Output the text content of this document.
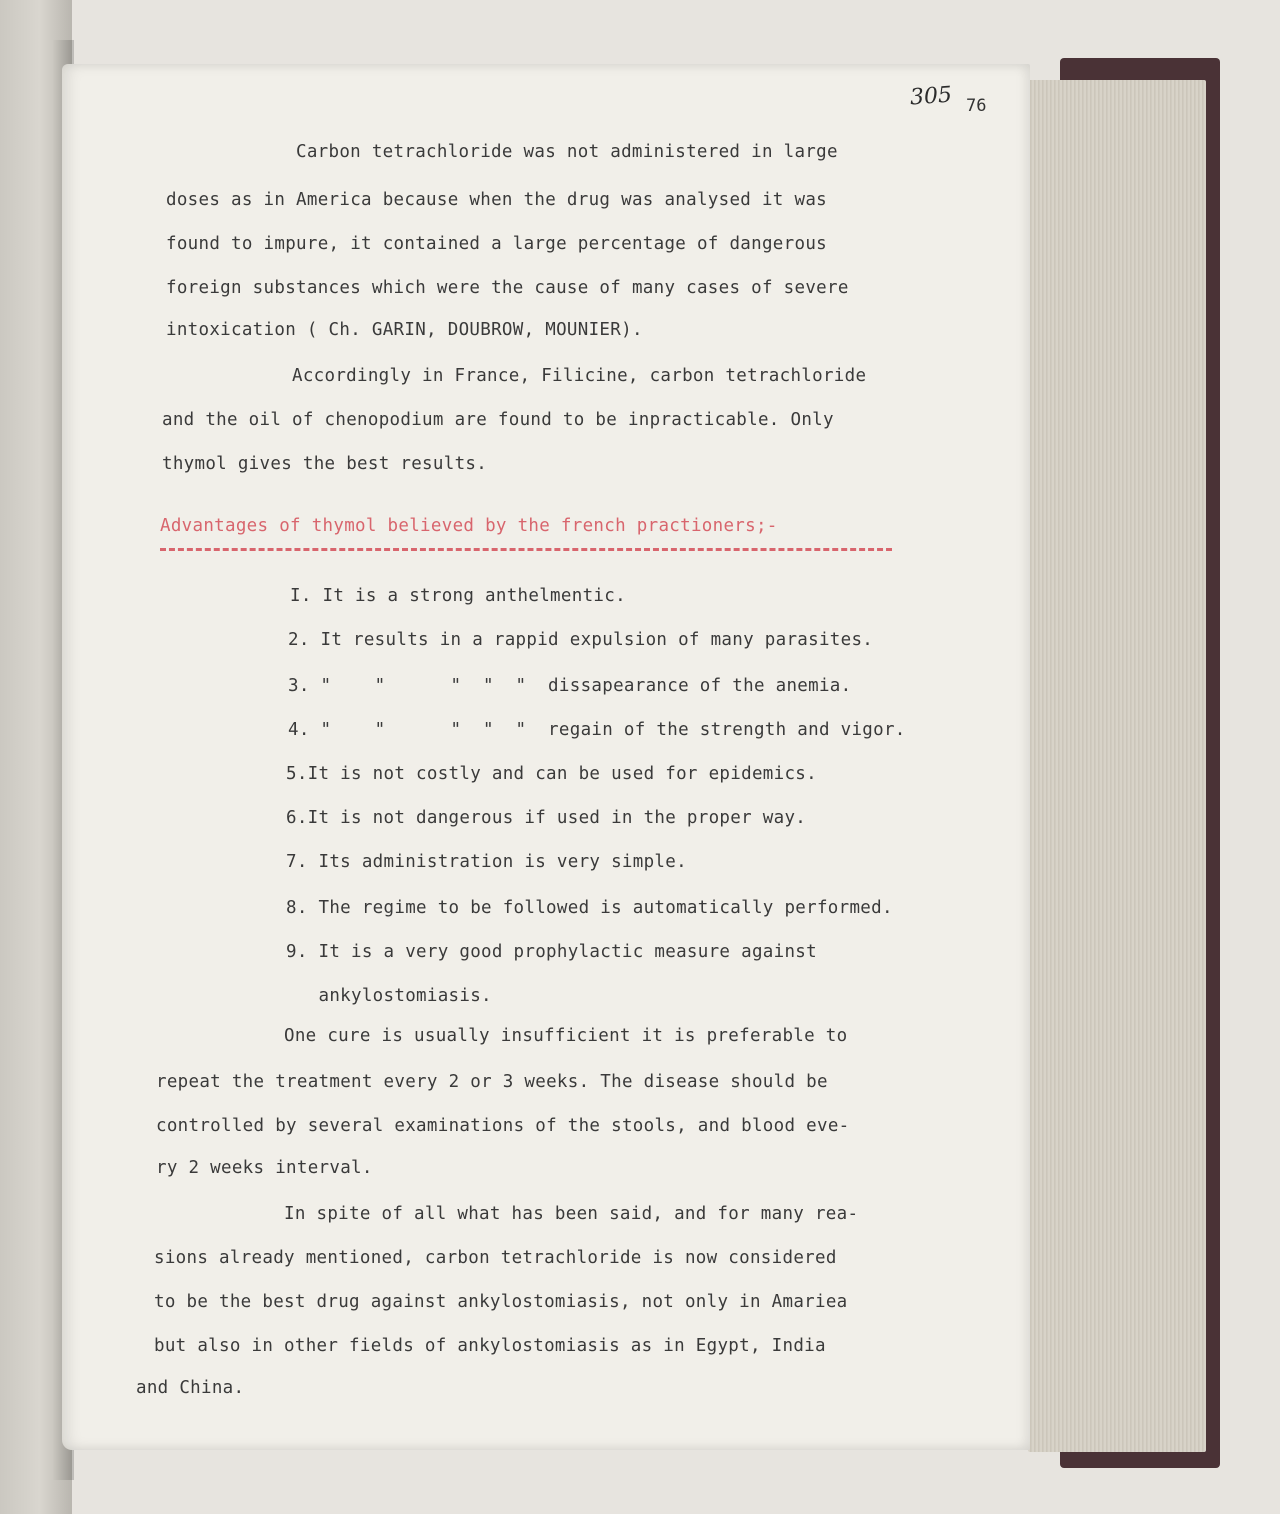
305 76
Carbon tetrachloride was not administered in large
doses as in America because when the drug was analysed it was
found to impure, it contained a large percentage of dangerous
foreign substances which were the cause of many cases of severe
intoxication ( Ch. GARIN, DOUBROW, MOUNIER).
Accordingly in France, Filicine, carbon tetrachloride
and the oil of chenopodium are found to be inpracticable. Only
thymol gives the best results.
Advantages of thymol believed by the french practioners;-
I. It is a strong anthelmentic.
2. It results in a rappid expulsion of many parasites.
3. "    "      "  "  "  dissapearance of the anemia.
4. "    "      "  "  "  regain of the strength and vigor.
5.It is not costly and can be used for epidemics.
6.It is not dangerous if used in the proper way.
7. Its administration is very simple.
8. The regime to be followed is automatically performed.
9. It is a very good prophylactic measure against
ankylostomiasis.
One cure is usually insufficient it is preferable to
repeat the treatment every 2 or 3 weeks. The disease should be
controlled by several examinations of the stools, and blood eve-
ry 2 weeks interval.
In spite of all what has been said, and for many rea-
sions already mentioned, carbon tetrachloride is now considered
to be the best drug against ankylostomiasis, not only in Amariea
but also in other fields of ankylostomiasis as in Egypt, India
and China.
